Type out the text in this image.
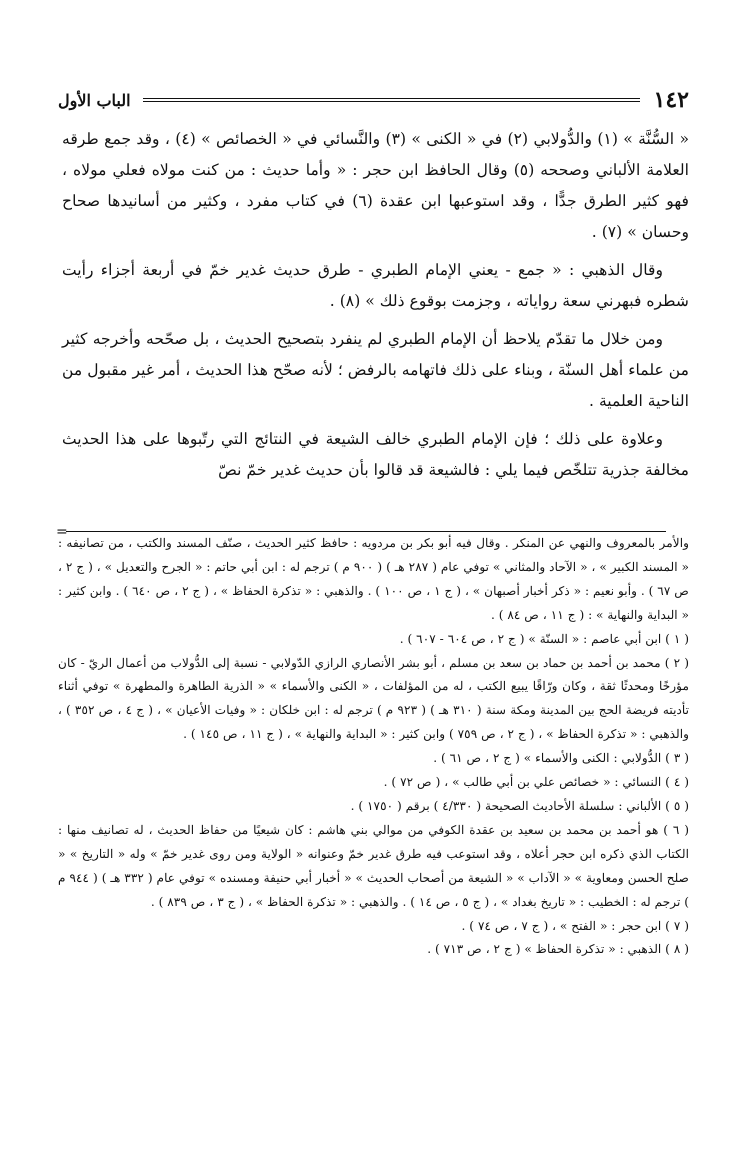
١٤٢
الباب الأول

« السُّنَّة » (١) والدُّولابي (٢) في « الكنى » (٣) والنَّسائي في « الخصائص » (٤) ، وقد جمع طرقه العلامة الألباني وصححه (٥) وقال الحافظ ابن حجر : « وأما حديث : من كنت مولاه فعلي مولاه ، فهو كثير الطرق جدًّا ، وقد استوعبها ابن عقدة (٦) في كتاب مفرد ، وكثير من أسانيدها صحاح وحسان » (٧) .

وقال الذهبي : « جمع - يعني الإمام الطبري - طرق حديث غدير خمّ في أربعة أجزاء رأيت شطره فبهرني سعة رواياته ، وجزمت بوقوع ذلك » (٨) .

ومن خلال ما تقدّم يلاحظ أن الإمام الطبري لم ينفرد بتصحيح الحديث ، بل صحّحه وأخرجه كثير من علماء أهل السنّة ، وبناء على ذلك فاتهامه بالرفض ؛ لأنه صحّح هذا الحديث ، أمر غير مقبول من الناحية العلمية .

وعلاوة على ذلك ؛ فإن الإمام الطبري خالف الشيعة في النتائج التي رتّبوها على هذا الحديث مخالفة جذرية تتلخّص فيما يلي : فالشيعة قد قالوا بأن حديث غدير خمّ نصّ

=

والأمر بالمعروف والنهي عن المنكر . وقال فيه أبو بكر بن مردويه : حافظ كثير الحديث ، صنّف المسند والكتب ، من تصانيفه : « المسند الكبير » ، « الآحاد والمثاني » توفي عام ( ٢٨٧ هـ ) ( ٩٠٠ م ) ترجم له : ابن أبي حاتم : « الجرح والتعديل » ، ( ج ٢ ، ص ٦٧ ) . وأبو نعيم : « ذكر أخبار أصبهان » ، ( ج ١ ، ص ١٠٠ ) . والذهبي : « تذكرة الحفاظ » ، ( ج ٢ ، ص ٦٤٠ ) . وابن كثير : « البداية والنهاية » : ( ج ١١ ، ص ٨٤ ) .

( ١ ) ابن أبي عاصم : « السنّة » ( ج ٢ ، ص ٦٠٤ - ٦٠٧ ) .

( ٢ ) محمد بن أحمد بن حماد بن سعد بن مسلم ، أبو بشر الأنصاري الرازي الدّولابي - نسبة إلى الدُّولاب من أعمال الريّ - كان مؤرخًا ومحدثًا ثقة ، وكان ورّاقًا يبيع الكتب ، له من المؤلفات ، « الكنى والأسماء » « الذرية الطاهرة والمطهرة » توفي أثناء تأديته فريضة الحج بين المدينة ومكة سنة ( ٣١٠ هـ ) ( ٩٢٣ م ) ترجم له : ابن خلكان : « وفيات الأعيان » ، ( ج ٤ ، ص ٣٥٢ ) ، والذهبي : « تذكرة الحفاظ » ، ( ج ٢ ، ص ٧٥٩ ) وابن كثير : « البداية والنهاية » ، ( ج ١١ ، ص ١٤٥ ) .

( ٣ ) الدُّولابي : الكنى والأسماء » ( ج ٢ ، ص ٦١ ) .

( ٤ ) النسائي : « خصائص علي بن أبي طالب » ، ( ص ٧٢ ) .

( ٥ ) الألباني : سلسلة الأحاديث الصحيحة ( ٤/٣٣٠ ) برقم ( ١٧٥٠ ) .

( ٦ ) هو أحمد بن محمد بن سعيد بن عقدة الكوفي من موالي بني هاشم : كان شيعيًا من حفاظ الحديث ، له تصانيف منها : الكتاب الذي ذكره ابن حجر أعلاه ، وقد استوعب فيه طرق غدير خمّ وعنوانه « الولاية ومن روى غدير خمّ » وله « التاريخ » « صلح الحسن ومعاوية » « الآداب » « الشيعة من أصحاب الحديث » « أخبار أبي حنيفة ومسنده » توفي عام ( ٣٣٢ هـ ) ( ٩٤٤ م ) ترجم له : الخطيب : « تاريخ بغداد » ، ( ج ٥ ، ص ١٤ ) . والذهبي : « تذكرة الحفاظ » ، ( ج ٣ ، ص ٨٣٩ ) .

( ٧ ) ابن حجر : « الفتح » ، ( ج ٧ ، ص ٧٤ ) .

( ٨ ) الذهبي : « تذكرة الحفاظ » ( ج ٢ ، ص ٧١٣ ) .
